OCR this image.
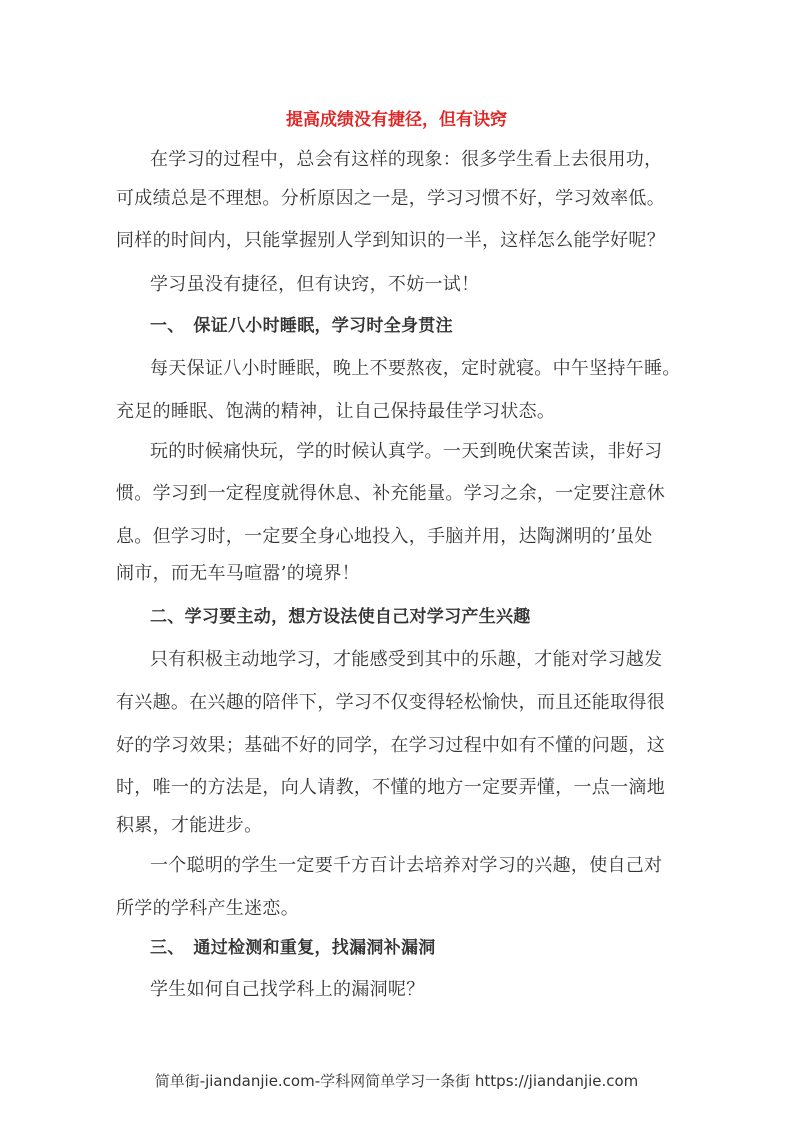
提高成绩没有捷径，但有诀窍
在学习的过程中，总会有这样的现象：很多学生看上去很用功，
可成绩总是不理想。分析原因之一是，学习习惯不好，学习效率低。
同样的时间内，只能掌握别人学到知识的一半，这样怎么能学好呢？
学习虽没有捷径，但有诀窍，不妨一试！
一、　保证八小时睡眠，学习时全身贯注
每天保证八小时睡眠，晚上不要熬夜，定时就寝。中午坚持午睡。
充足的睡眠、饱满的精神，让自己保持最佳学习状态。
玩的时候痛快玩，学的时候认真学。一天到晚伏案苦读，非好习
惯。学习到一定程度就得休息、补充能量。学习之余，一定要注意休
息。但学习时，一定要全身心地投入，手脑并用，达陶渊明的’虽处
闹市，而无车马喧嚣’的境界！
二、学习要主动，想方设法使自己对学习产生兴趣
只有积极主动地学习，才能感受到其中的乐趣，才能对学习越发
有兴趣。在兴趣的陪伴下，学习不仅变得轻松愉快，而且还能取得很
好的学习效果；基础不好的同学，在学习过程中如有不懂的问题，这
时，唯一的方法是，向人请教，不懂的地方一定要弄懂，一点一滴地
积累，才能进步。
一个聪明的学生一定要千方百计去培养对学习的兴趣，使自己对
所学的学科产生迷恋。
三、　通过检测和重复，找漏洞补漏洞
学生如何自己找学科上的漏洞呢？
简单街-jiandanjie.com-学科网简单学习一条街 https://jiandanjie.com
